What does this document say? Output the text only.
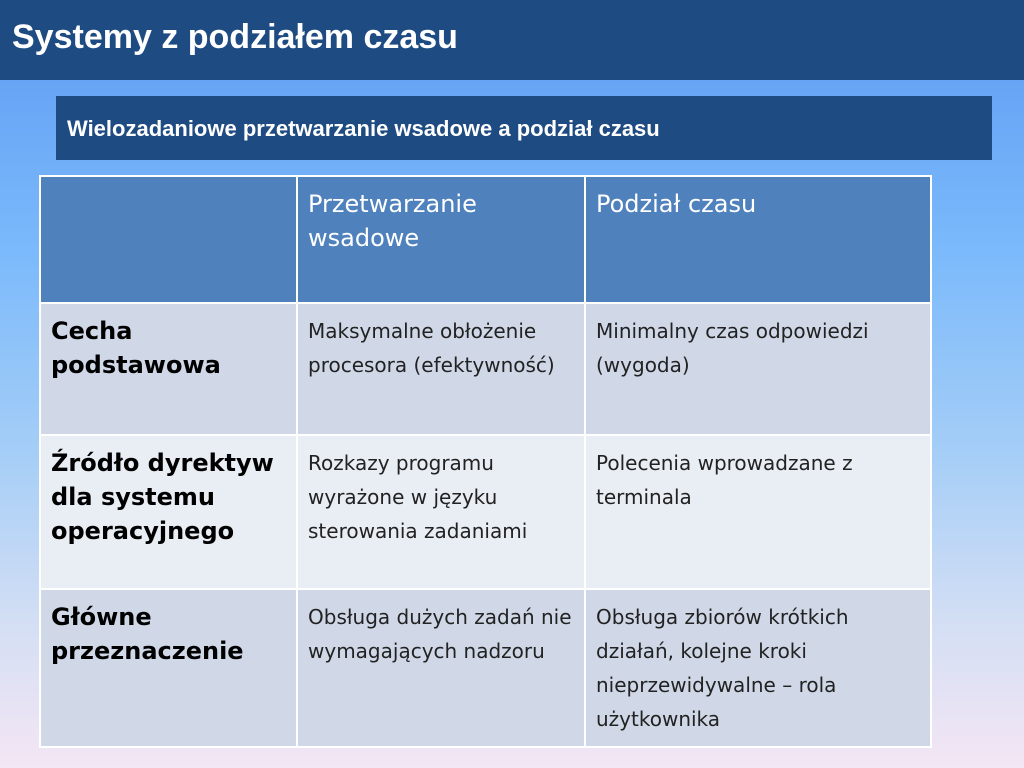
Systemy z podziałem czasu
Wielozadaniowe przetwarzanie wsadowe a podział czasu
	Przetwarzanie wsadowe	Podział czasu
Cecha podstawowa	Maksymalne obłożenie procesora (efektywność)	Minimalny czas odpowiedzi (wygoda)
Źródło dyrektyw dla systemu operacyjnego	Rozkazy programu wyrażone w języku sterowania zadaniami	Polecenia wprowadzane z terminala
Główne przeznaczenie	Obsługa dużych zadań nie wymagających nadzoru	Obsługa zbiorów krótkich działań, kolejne kroki nieprzewidywalne – rola użytkownika
